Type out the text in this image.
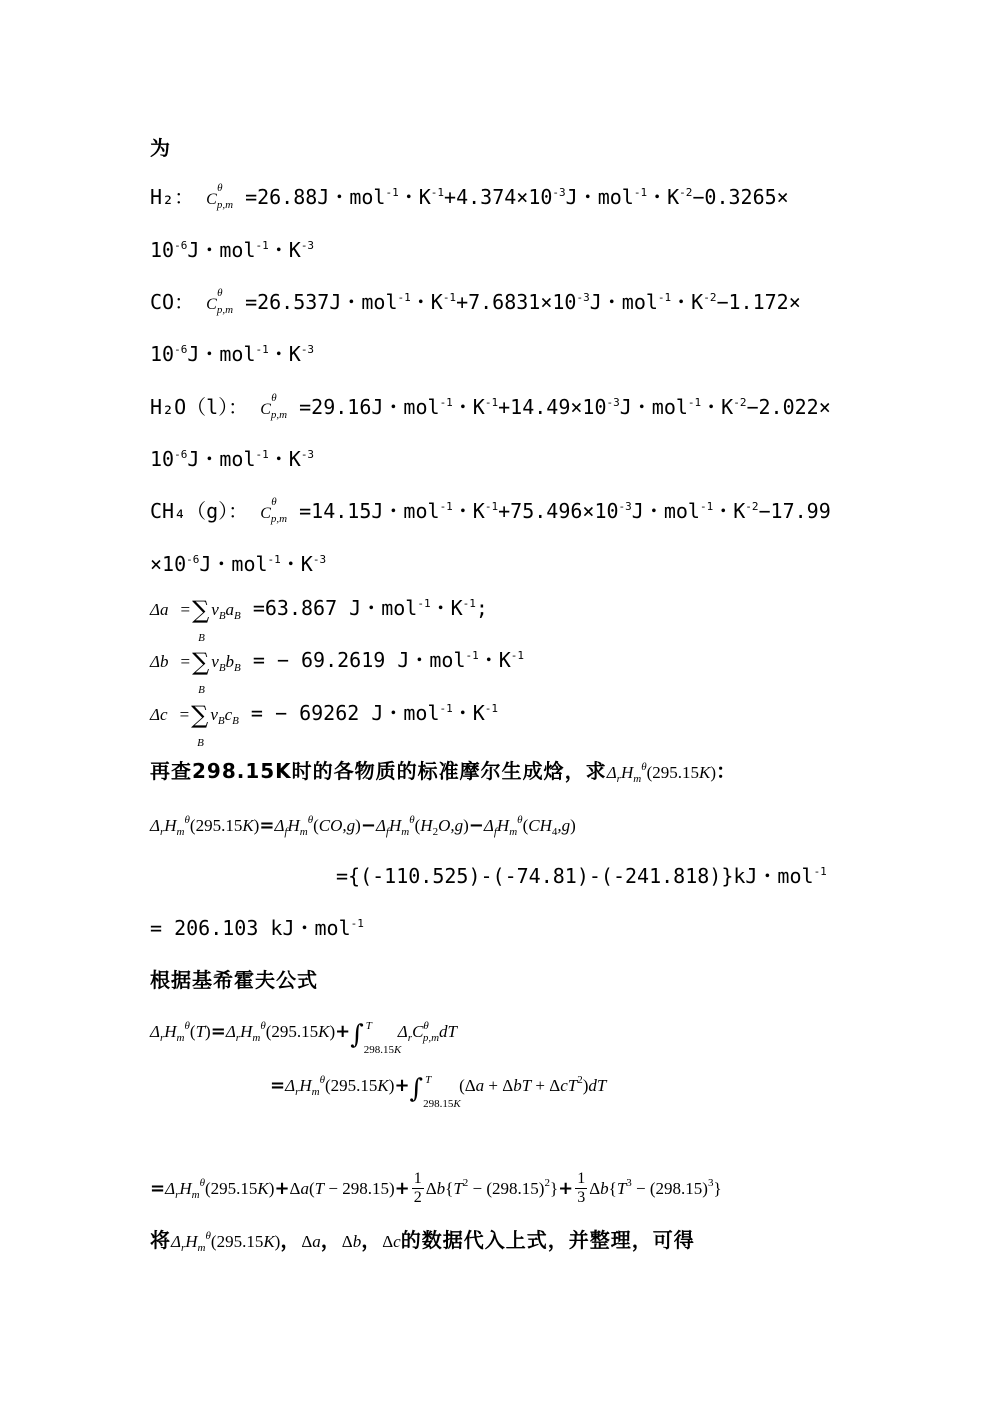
为
H₂： $C_{p,m}$
θ =26.88J・mol$^{-1}$・$K^{-1}+4.374\times 10^{-3}J$・mol$^{-1}$・$K^{-2}-0.3265\times$
$10^{-6}J$・mol$^{-1}$・$K^{-3}$
CO： $C_{p,m}$
θ =26.537J・mol$^{-1}$・$K^{-1}+7.6831\times 10^{-3}J$・mol$^{-1}$・$K^{-2}-1.172\times$
$10^{-6}J$・mol$^{-1}$・$K^{-3}$
H₂O（l）： $C_{p,m}$
θ =29.16J・mol$^{-1}$・$K^{-1}+14.49\times 10^{-3}J$・mol$^{-1}$・$K^{-2}-2.022\times$
$10^{-6}J$・mol$^{-1}$・$K^{-3}$
CH₄（g）： $C_{p,m}$
θ =14.15J・mol$^{-1}$・$K^{-1}+75.496\times 10^{-3}J$・mol$^{-1}$・$K^{-2}-17.99$
$\times 10^{-6}J$・mol$^{-1}$・$K^{-3}$
Δa =∑
B
$\nu_Ba_B =63.867$ J・mol$^{-1}$・$K^{-1}$;
Δb =∑
B
$\nu_Bb_B$ = − 69.2619 J・mol$^{-1}$・$K^{-1}$
Δc =∑
B
$\nu_Bc_B$ = − 69262 J・mol$^{-1}$・$K^{-1}$
再查298.15K时的各物质的标准摩尔生成焓，求$\Delta_rH_m^\theta(295.15K)$：
$\Delta_rH_m^\theta(295.15K)=\Delta_fH_m^\theta(CO,g)-\Delta_fH_m^\theta(H_2O,g)-\Delta_fH_m^\theta(CH_4,g)$
={(-110.525)-(-74.81)-(-241.818)}kJ・mol$^{-1}$
= 206.103 kJ・mol$^{-1}$
根据基希霍夫公式
$\Delta_rH_m^\theta(T)=\Delta_rH_m^\theta(295.15K)+\int$ T
298.15K
$\Delta_rC^\theta_{p,m}dT$
$=\Delta_rH_m^\theta(295.15K)+\int$ T
298.15K
(Δa + ΔbT + ΔcT$^2$)dT
$=\Delta_rH_m^\theta(295.15K)+\Delta a(T - 298.15)+ \frac{1}{2} \Delta b\{T^2 - (298.15)^2\}+ \frac{1}{3} \Delta b\{T^3 - (298.15)^3\}$
将$\Delta_rH_m^\theta(295.15K)$，Δa，Δb，Δc的数据代入上式，并整理，可得
